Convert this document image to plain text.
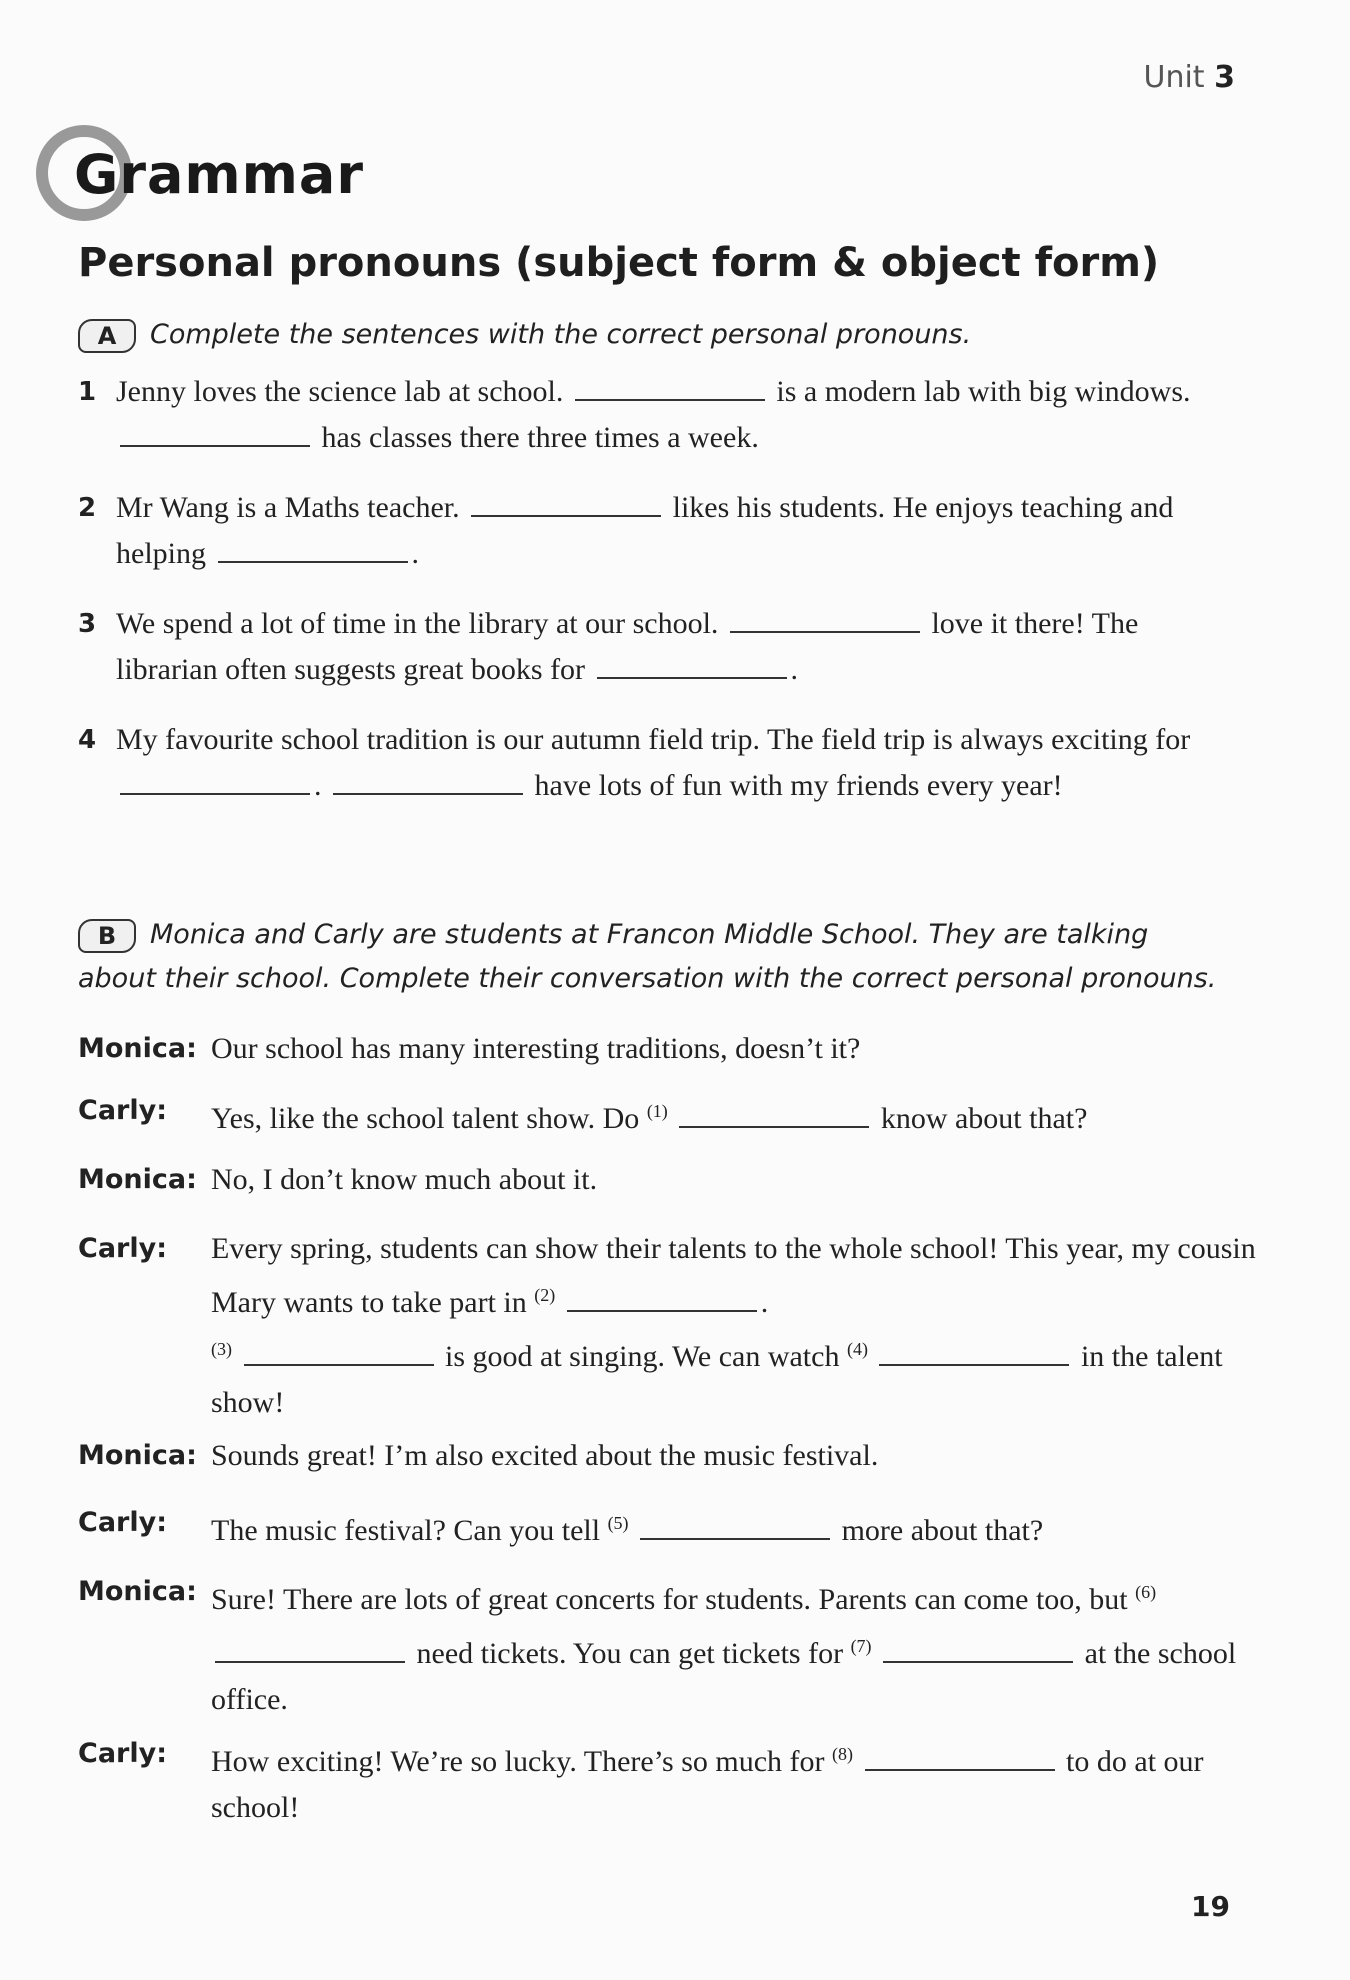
Unit 3
Grammar
Personal pronouns (subject form & object form)
A Complete the sentences with the correct personal pronouns.
1 Jenny loves the science lab at school.	is a modern lab with big windows.  has classes there three times a week.
2 Mr Wang is a Maths teacher.	likes his students. He enjoys teaching and helping	.
3 We spend a lot of time in the library at our school.	love it there! The librarian often suggests great books for	.
4 My favourite school tradition is our autumn field trip. The field trip is always exciting for .	have lots of fun with my friends every year!
B Monica and Carly are students at Francon Middle School. They are talking about their school. Complete their conversation with the correct personal pronouns.
Monica: Our school has many interesting traditions, doesn’t it?
Carly: Yes, like the school talent show. Do $^{(1)}$	know about that?
Monica: No, I don’t know much about it.
Carly: Every spring, students can show their talents to the whole school! This year, my cousin Mary wants to take part in $^{(2)}$	.
$^{(3)}$	is good at singing. We can watch $^{(4)}$	in the talent show!
Monica: Sounds great! I’m also excited about the music festival.
Carly: The music festival? Can you tell $^{(5)}$	more about that?
Monica: Sure! There are lots of great concerts for students. Parents can come too, but $^{(6)}$  need tickets. You can get tickets for $^{(7)}$	at the school office.
Carly: How exciting! We’re so lucky. There’s so much for $^{(8)}$	to do at our school!
19
